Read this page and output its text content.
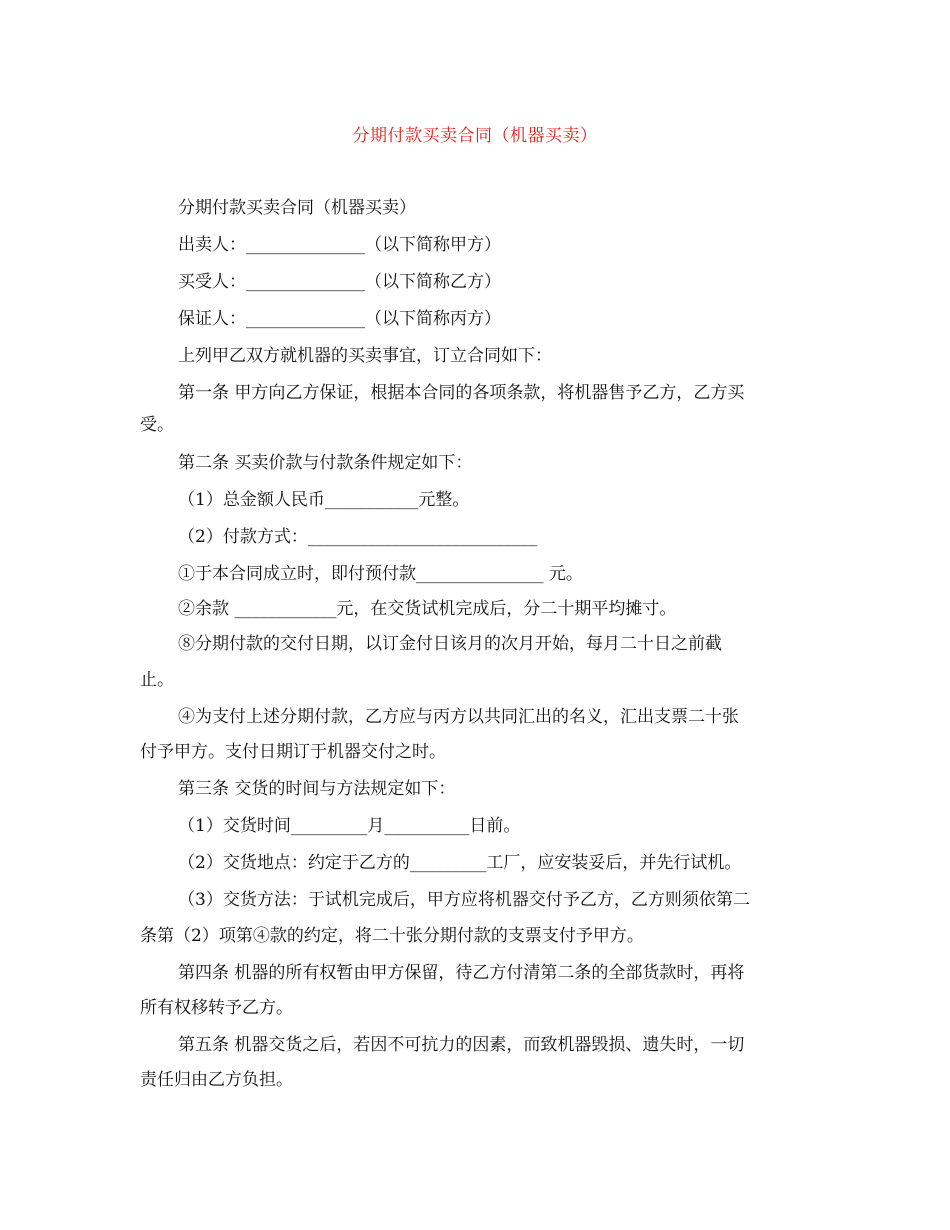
分期付款买卖合同（机器买卖）
分期付款买卖合同（机器买卖）
出卖人：______________（以下简称甲方）
买受人：______________（以下简称乙方）
保证人：______________（以下简称丙方）
上列甲乙双方就机器的买卖事宜，订立合同如下：
第一条 甲方向乙方保证，根据本合同的各项条款，将机器售予乙方，乙方买
受。
第二条 买卖价款与付款条件规定如下：
（1）总金额人民币___________元整。
（2）付款方式：___________________________
①于本合同成立时，即付预付款_______________ 元。
②余款 ____________元，在交货试机完成后，分二十期平均摊寸。
⑧分期付款的交付日期，以订金付日该月的次月开始，每月二十日之前截
止。
④为支付上述分期付款，乙方应与丙方以共同汇出的名义，汇出支票二十张
付予甲方。支付日期订于机器交付之时。
第三条 交货的时间与方法规定如下：
（1）交货时间_________月__________日前。
（2）交货地点：约定于乙方的_________工厂，应安装妥后，并先行试机。
（3）交货方法：于试机完成后，甲方应将机器交付予乙方，乙方则须依第二
条第（2）项第④款的约定，将二十张分期付款的支票支付予甲方。
第四条 机器的所有权暂由甲方保留，待乙方付清第二条的全部货款时，再将
所有权移转予乙方。
第五条 机器交货之后，若因不可抗力的因素，而致机器毁损、遗失时，一切
责任归由乙方负担。
